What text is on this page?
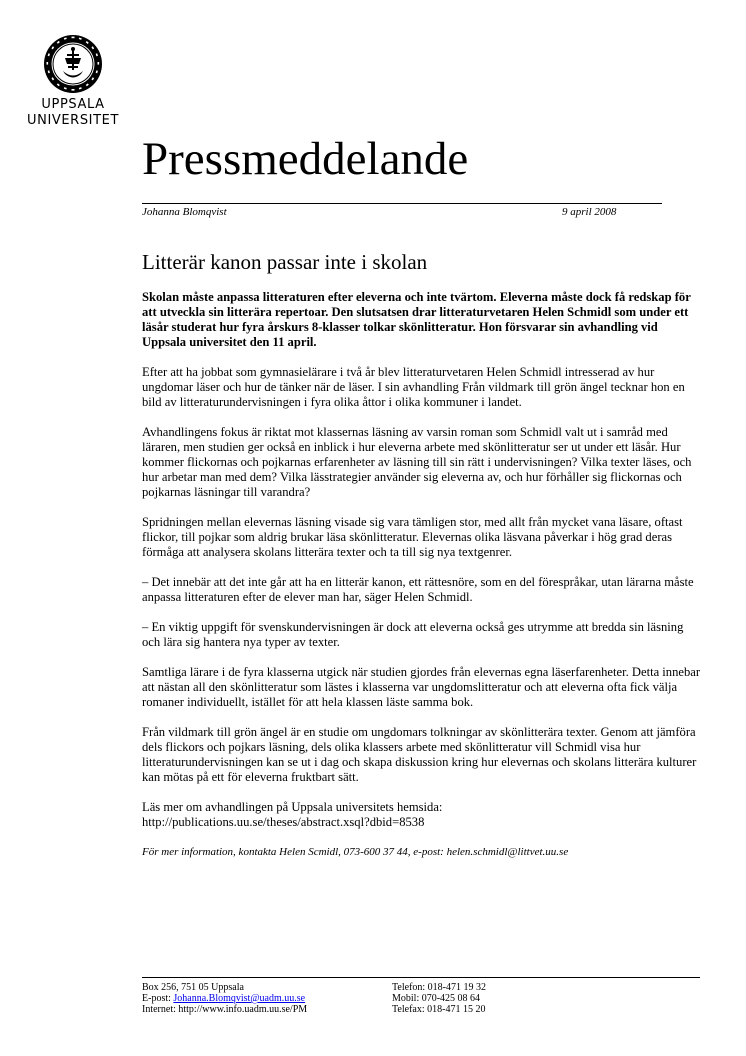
UPPSALA
UNIVERSITET
Pressmeddelande
Johanna Blomqvist	9 april 2008
Litterär kanon passar inte i skolan

Skolan måste anpassa litteraturen efter eleverna och inte tvärtom. Eleverna måste dock få redskap för att utveckla sin litterära repertoar. Den slutsatsen drar litteraturvetaren Helen Schmidl som under ett läsår studerat hur fyra årskurs 8-klasser tolkar skönlitteratur. Hon försvarar sin avhandling vid Uppsala universitet den 11 april.

Efter att ha jobbat som gymnasielärare i två år blev litteraturvetaren Helen Schmidl intresserad av hur ungdomar läser och hur de tänker när de läser. I sin avhandling Från vildmark till grön ängel tecknar hon en bild av litteraturundervisningen i fyra olika åttor i olika kommuner i landet.

Avhandlingens fokus är riktat mot klassernas läsning av varsin roman som Schmidl valt ut i samråd med läraren, men studien ger också en inblick i hur eleverna arbete med skönlitteratur ser ut under ett läsår. Hur kommer flickornas och pojkarnas erfarenheter av läsning till sin rätt i undervisningen? Vilka texter läses, och hur arbetar man med dem? Vilka lässtrategier använder sig eleverna av, och hur förhåller sig flickornas och pojkarnas läsningar till varandra?

Spridningen mellan elevernas läsning visade sig vara tämligen stor, med allt från mycket vana läsare, oftast flickor, till pojkar som aldrig brukar läsa skönlitteratur. Elevernas olika läsvana påverkar i hög grad deras förmåga att analysera skolans litterära texter och ta till sig nya textgenrer.

– Det innebär att det inte går att ha en litterär kanon, ett rättesnöre, som en del förespråkar, utan lärarna måste anpassa litteraturen efter de elever man har, säger Helen Schmidl.

– En viktig uppgift för svenskundervisningen är dock att eleverna också ges utrymme att bredda sin läsning och lära sig hantera nya typer av texter.

Samtliga lärare i de fyra klasserna utgick när studien gjordes från elevernas egna läserfarenheter. Detta innebar att nästan all den skönlitteratur som lästes i klasserna var ungdomslitteratur och att eleverna ofta fick välja romaner individuellt, istället för att hela klassen läste samma bok.

Från vildmark till grön ängel är en studie om ungdomars tolkningar av skönlitterära texter. Genom att jämföra dels flickors och pojkars läsning, dels olika klassers arbete med skönlitteratur vill Schmidl visa hur litteraturundervisningen kan se ut i dag och skapa diskussion kring hur elevernas och skolans litterära kulturer kan mötas på ett för eleverna fruktbart sätt.

Läs mer om avhandlingen på Uppsala universitets hemsida:
http://publications.uu.se/theses/abstract.xsql?dbid=8538

För mer information, kontakta Helen Scmidl, 073-600 37 44, e-post: helen.schmidl@littvet.uu.se

Box 256, 751 05 Uppsala
E-post: Johanna.Blomqvist@uadm.uu.se
Internet: http://www.info.uadm.uu.se/PM
Telefon: 018-471 19 32
Mobil: 070-425 08 64
Telefax: 018-471 15 20
